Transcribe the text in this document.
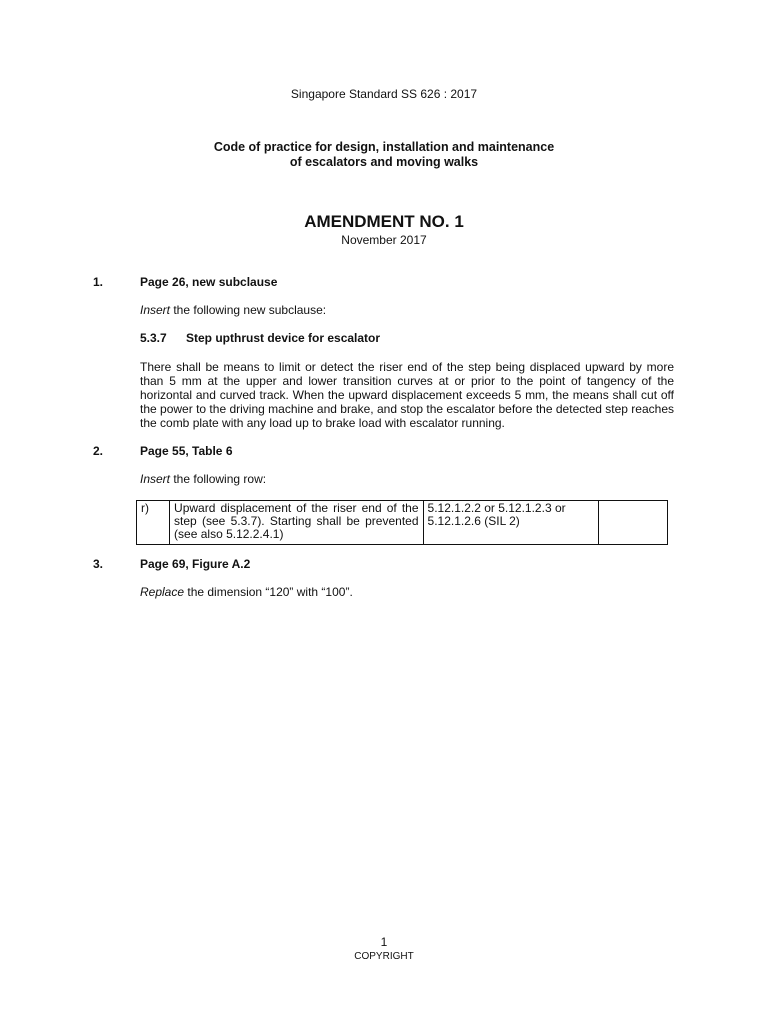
Singapore Standard SS 626 : 2017
Code of practice for design, installation and maintenance
of escalators and moving walks
AMENDMENT NO. 1
November 2017
1.	Page 26, new subclause
Insert the following new subclause:
5.3.7 Step upthrust device for escalator
There shall be means to limit or detect the riser end of the step being displaced upward by more than 5 mm at the upper and lower transition curves at or prior to the point of tangency of the horizontal and curved track. When the upward displacement exceeds 5 mm, the means shall cut off the power to the driving machine and brake, and stop the escalator before the detected step reaches the comb plate with any load up to brake load with escalator running.
2.	Page 55, Table 6
Insert the following row:
r)	Upward displacement of the riser end of the step (see 5.3.7). Starting shall be prevented (see also 5.12.2.4.1)	5.12.1.2.2 or 5.12.1.2.3 or 5.12.1.2.6 (SIL 2)	
3.	Page 69, Figure A.2
Replace the dimension “120” with “100”.
1
COPYRIGHT
